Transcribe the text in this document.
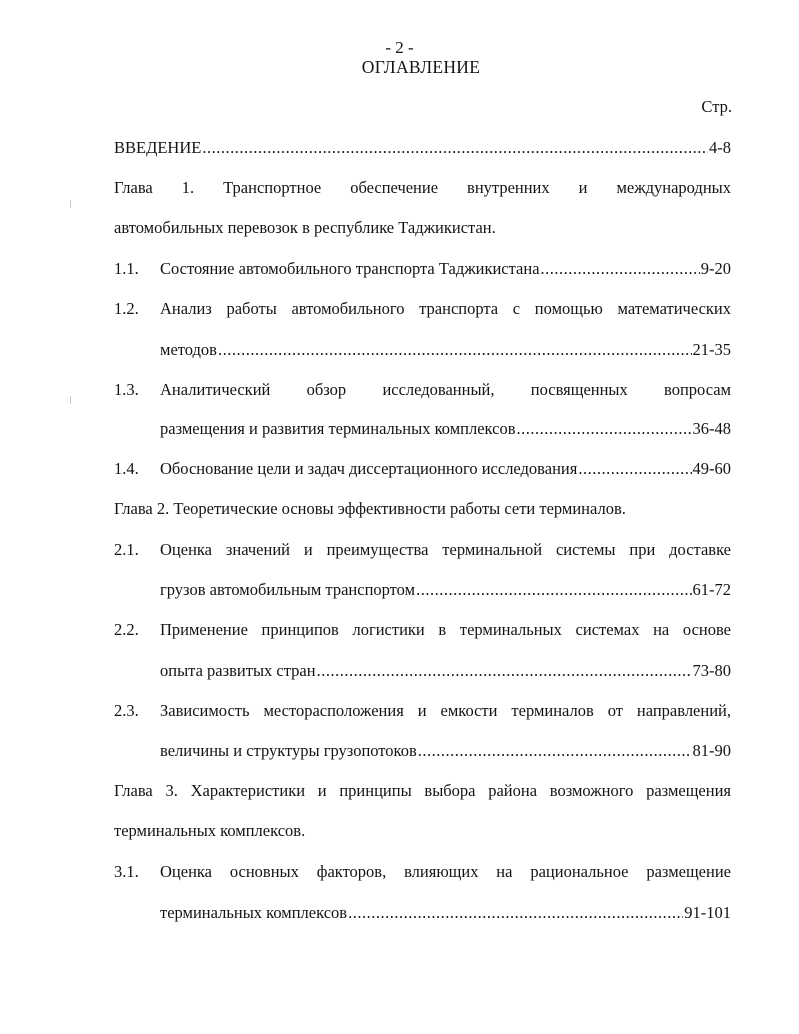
- 2 -
ОГЛАВЛЕНИЕ
Стр.
ВВЕДЕНИЕ .....	4-8
Глава 1. Транспортное обеспечение внутренних и международных
автомобильных перевозок в республике Таджикистан.
1.1. Состояние автомобильного транспорта Таджикистана .....	9-20
1.2. Анализ работы автомобильного транспорта с помощью математических
методов .....	21-35
1.3. Аналитический обзор исследованный, посвященных вопросам
размещения и развития терминальных комплексов .....	36-48
1.4. Обоснование цели и задач диссертационного исследования .....	49-60
Глава 2. Теоретические основы эффективности работы сети терминалов.
2.1. Оценка значений и преимущества терминальной системы при доставке
грузов автомобильным транспортом .....	61-72
2.2. Применение принципов логистики в терминальных системах на основе
опыта развитых стран .....	73-80
2.3. Зависимость месторасположения и емкости терминалов от направлений,
величины и структуры грузопотоков .....	81-90
Глава 3. Характеристики и принципы выбора района возможного размещения
терминальных комплексов.
3.1. Оценка основных факторов, влияющих на рациональное размещение
терминальных комплексов .....	91-101
